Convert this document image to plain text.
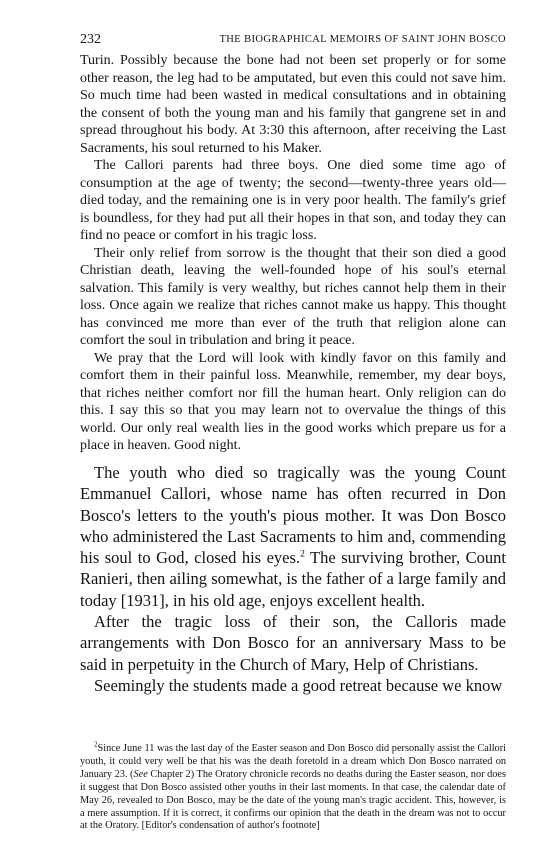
232	THE BIOGRAPHICAL MEMOIRS OF SAINT JOHN BOSCO

Turin. Possibly because the bone had not been set properly or for some other reason, the leg had to be amputated, but even this could not save him. So much time had been wasted in medical consultations and in obtaining the consent of both the young man and his family that gangrene set in and spread throughout his body. At 3:30 this afternoon, after receiving the Last Sacraments, his soul returned to his Maker.

The Callori parents had three boys. One died some time ago of consumption at the age of twenty; the second—twenty-three years old—died today, and the remaining one is in very poor health. The family's grief is boundless, for they had put all their hopes in that son, and today they can find no peace or comfort in his tragic loss.

Their only relief from sorrow is the thought that their son died a good Christian death, leaving the well-founded hope of his soul's eternal salvation. This family is very wealthy, but riches cannot help them in their loss. Once again we realize that riches cannot make us happy. This thought has convinced me more than ever of the truth that religion alone can comfort the soul in tribulation and bring it peace.

We pray that the Lord will look with kindly favor on this family and comfort them in their painful loss. Meanwhile, remember, my dear boys, that riches neither comfort nor fill the human heart. Only religion can do this. I say this so that you may learn not to overvalue the things of this world. Our only real wealth lies in the good works which prepare us for a place in heaven. Good night.

The youth who died so tragically was the young Count Emmanuel Callori, whose name has often recurred in Don Bosco's letters to the youth's pious mother. It was Don Bosco who administered the Last Sacraments to him and, commending his soul to God, closed his eyes.$^2$ The surviving brother, Count Ranieri, then ailing somewhat, is the father of a large family and today [1931], in his old age, enjoys excellent health.

After the tragic loss of their son, the Calloris made arrangements with Don Bosco for an anniversary Mass to be said in perpetuity in the Church of Mary, Help of Christians.

Seemingly the students made a good retreat because we know

$^2$Since June 11 was the last day of the Easter season and Don Bosco did personally assist the Callori youth, it could very well be that his was the death foretold in a dream which Don Bosco narrated on January 23. (See Chapter 2) The Oratory chronicle records no deaths during the Easter season, nor does it suggest that Don Bosco assisted other youths in their last moments. In that case, the calendar date of May 26, revealed to Don Bosco, may be the date of the young man's tragic accident. This, however, is a mere assumption. If it is correct, it confirms our opinion that the death in the dream was not to occur at the Oratory. [Editor's condensation of author's footnote]
